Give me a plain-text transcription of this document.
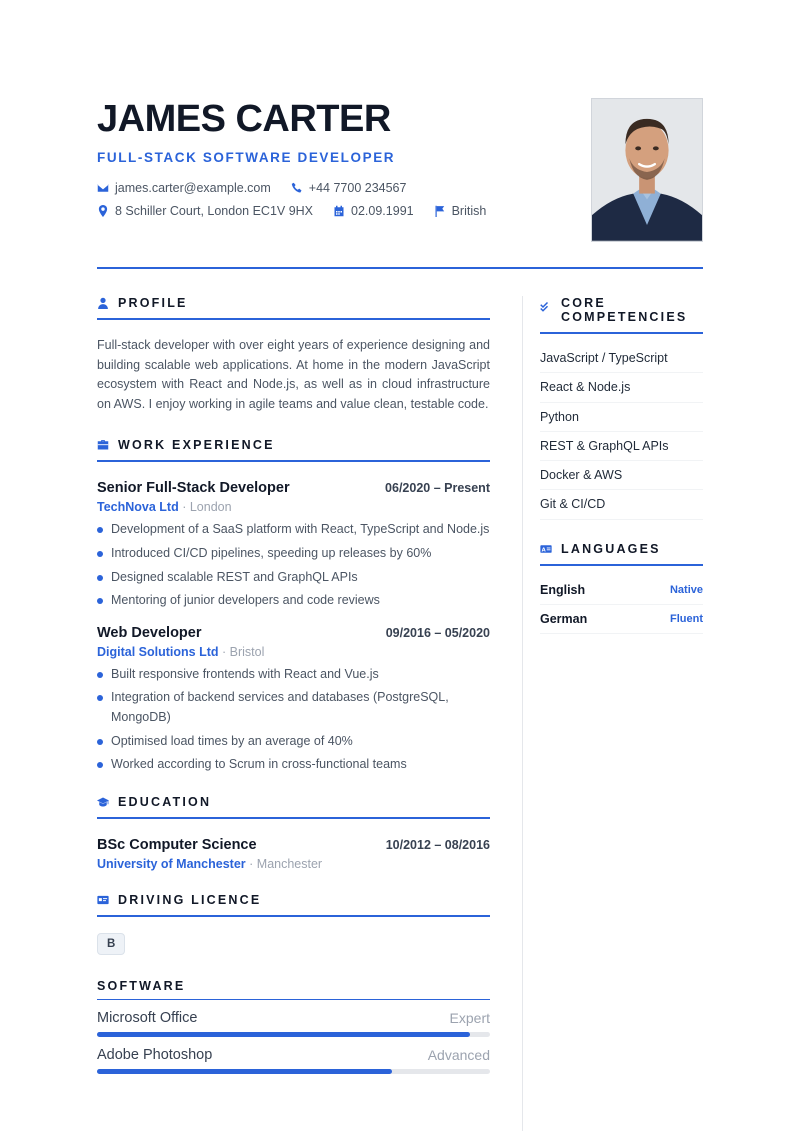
JAMES CARTER
FULL-STACK SOFTWARE DEVELOPER
james.carter@example.com	+44 7700 234567
8 Schiller Court, London EC1V 9HX	02.09.1991	British
PROFILE

Full-stack developer with over eight years of experience designing and building scalable web applications. At home in the modern JavaScript ecosystem with React and Node.js, as well as in cloud infrastructure on AWS. I enjoy working in agile teams and value clean, testable code.

WORK EXPERIENCE
Senior Full-Stack Developer	06/2020 – Present
TechNova Ltd · London
Development of a SaaS platform with React, TypeScript and Node.js
Introduced CI/CD pipelines, speeding up releases by 60%
Designed scalable REST and GraphQL APIs
Mentoring of junior developers and code reviews
Web Developer	09/2016 – 05/2020
Digital Solutions Ltd · Bristol
Built responsive frontends with React and Vue.js
Integration of backend services and databases (PostgreSQL, MongoDB)
Optimised load times by an average of 40%
Worked according to Scrum in cross-functional teams
EDUCATION
BSc Computer Science	10/2012 – 08/2016
University of Manchester · Manchester
DRIVING LICENCE
B
SOFTWARE
Microsoft Office	Expert
Adobe Photoshop	Advanced
CORE
COMPETENCIES
JavaScript / TypeScript
React & Node.js
Python
REST & GraphQL APIs
Docker & AWS
Git & CI/CD
A LANGUAGES
English	Native
German	Fluent
